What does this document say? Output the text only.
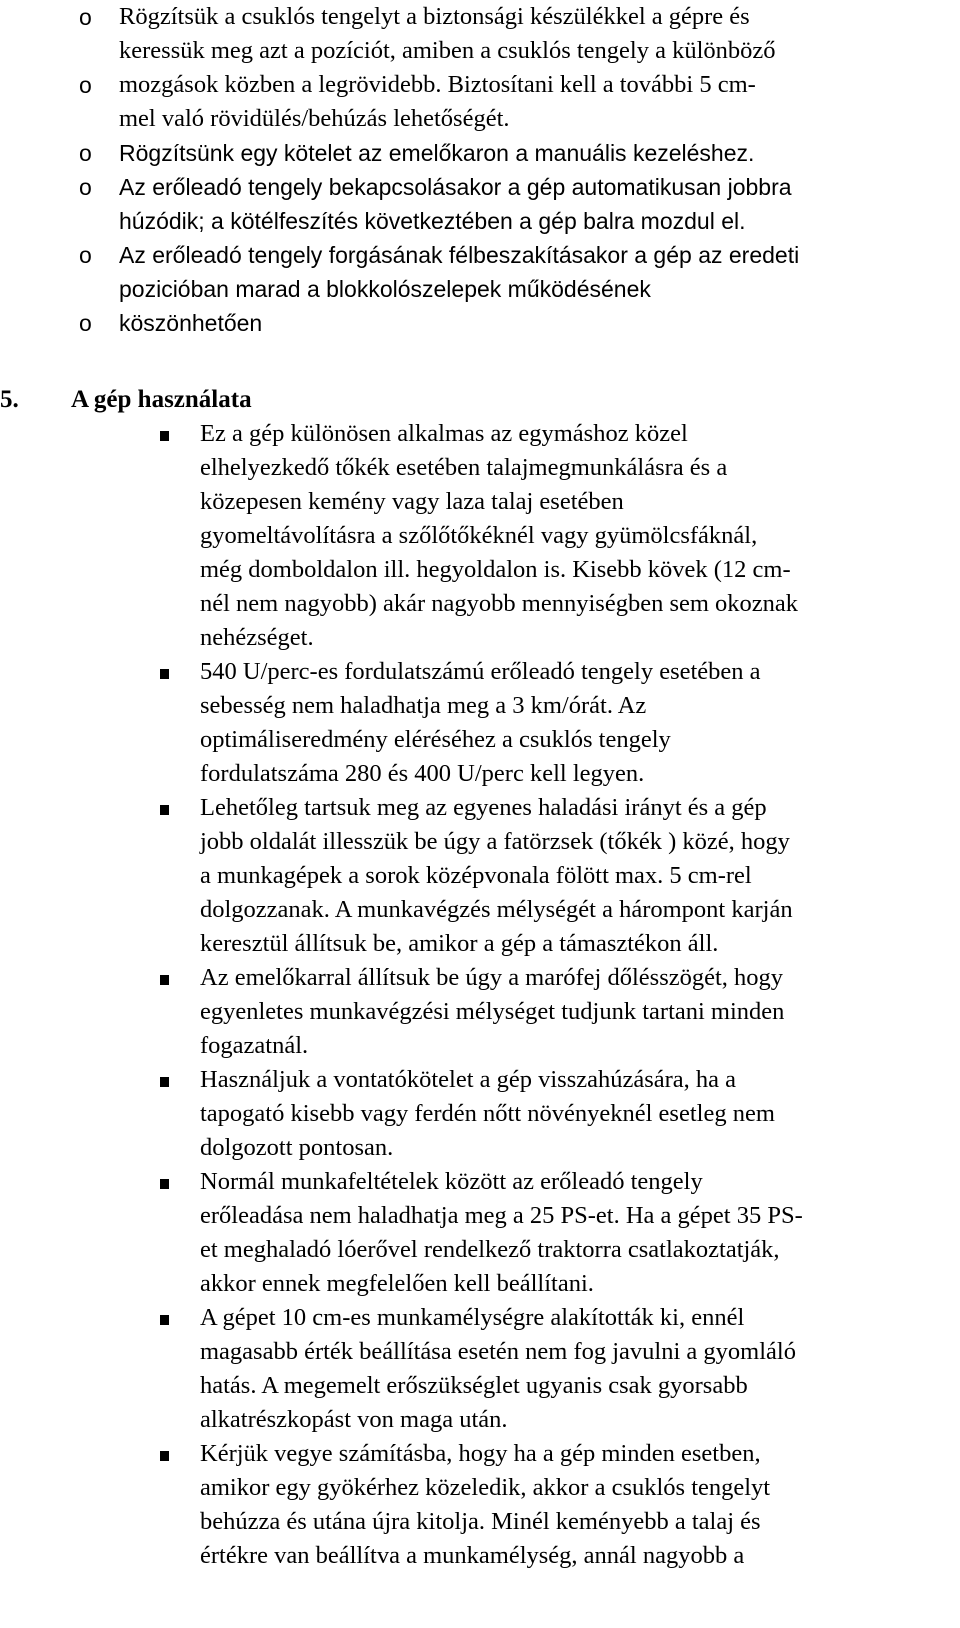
o
o
o
o
o
o
Rögzítsük a csuklós tengelyt a biztonsági készülékkel a gépre és
keressük meg azt a pozíciót, amiben a csuklós tengely a különböző
mozgások közben a legrövidebb. Biztosítani kell a további 5 cm-
mel való rövidülés/behúzás lehetőségét.
Rögzítsünk egy kötelet az emelőkaron a manuális kezeléshez.
Az erőleadó tengely bekapcsolásakor a gép automatikusan jobbra
húzódik; a kötélfeszítés következtében a gép balra mozdul el.
Az erőleadó tengely forgásának félbeszakításakor a gép az eredeti
pozicióban marad a blokkolószelepek működésének
köszönhetően
5. A gép használata
Ez a gép különösen alkalmas az egymáshoz közel
elhelyezkedő tőkék esetében talajmegmunkálásra és a
közepesen kemény vagy laza talaj esetében
gyomeltávolításra a szőlőtőkéknél vagy gyümölcsfáknál,
még domboldalon ill. hegyoldalon is. Kisebb kövek (12 cm-
nél nem nagyobb) akár nagyobb mennyiségben sem okoznak
nehézséget.
540 U/perc-es fordulatszámú erőleadó tengely esetében a
sebesség nem haladhatja meg a 3 km/órát. Az
optimáliseredmény eléréséhez a csuklós tengely
fordulatszáma 280 és 400 U/perc kell legyen.
Lehetőleg tartsuk meg az egyenes haladási irányt és a gép
jobb oldalát illesszük be úgy a fatörzsek (tőkék ) közé, hogy
a munkagépek a sorok középvonala fölött max. 5 cm-rel
dolgozzanak. A munkavégzés mélységét a hárompont karján
keresztül állítsuk be, amikor a gép a támasztékon áll.
Az emelőkarral állítsuk be úgy a maróf​ej dőlésszögét, hogy
egyenletes munkavégzési mélységet tudjunk tartani minden
fogazatnál.
Használjuk a vontatókötelet a gép visszahúzására, ha a
tapogató kisebb vagy ferdén nőtt növényeknél esetleg nem
dolgozott pontosan.
Normál munkafeltételek között az erőleadó tengely
erőleadása nem haladhatja meg a 25 PS-et. Ha a gépet 35 PS-
et meghaladó lóerővel rendelkező traktorra csatlakoztatják,
akkor ennek megfelelően kell beállítani.
A gépet 10 cm-es munkamélységre alakították ki, ennél
magasabb érték beállítása esetén nem fog javulni a gyomláló
hatás. A megemelt erőszükséglet ugyanis csak gyorsabb
alkatrészkopást von maga után.
Kérjük vegye számításba, hogy ha a gép minden esetben,
amikor egy gyökérhez közeledik, akkor a csuklós tengelyt
behúzza és utána újra kitolja. Minél keményebb a talaj és
értékre van beállítva a munkamélység, annál nagyobb a
